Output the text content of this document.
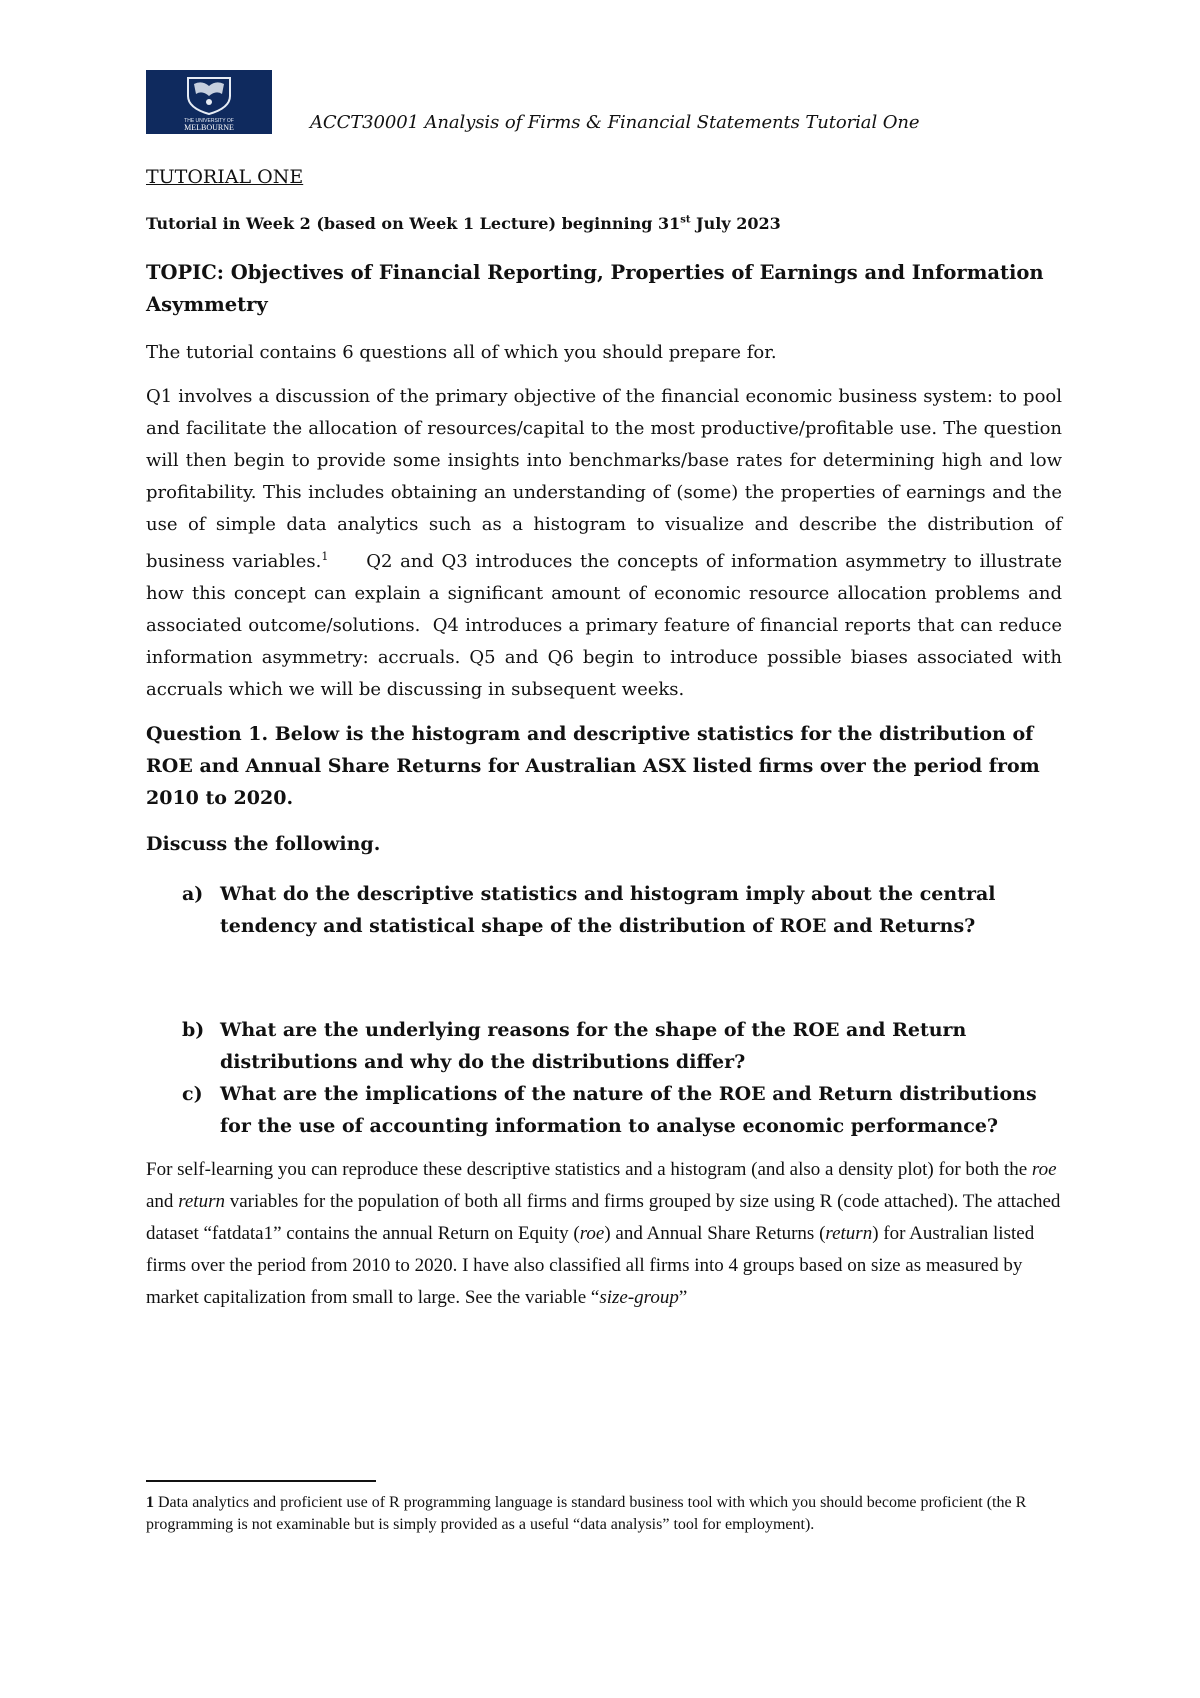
THE UNIVERSITY OF
MELBOURNE	ACCT30001 Analysis of Firms & Financial Statements Tutorial One
TUTORIAL ONE

Tutorial in Week 2 (based on Week 1 Lecture) beginning 31st July 2023

TOPIC: Objectives of Financial Reporting, Properties of Earnings and Information Asymmetry

The tutorial contains 6 questions all of which you should prepare for.

Q1 involves a discussion of the primary objective of the financial economic business system: to pool and facilitate the allocation of resources/capital to the most productive/profitable use. The question will then begin to provide some insights into benchmarks/base rates for determining high and low profitability. This includes obtaining an understanding of (some) the properties of earnings and the use of simple data analytics such as a histogram to visualize and describe the distribution of business variables.$^1$     Q2 and Q3 introduces the concepts of information asymmetry to illustrate how this concept can explain a significant amount of economic resource allocation problems and associated outcome/solutions.  Q4 introduces a primary feature of financial reports that can reduce information asymmetry: accruals. Q5 and Q6 begin to introduce possible biases associated with accruals which we will be discussing in subsequent weeks.

Question 1. Below is the histogram and descriptive statistics for the distribution of ROE and Annual Share Returns for Australian ASX listed firms over the period from 2010 to 2020.

Discuss the following.

a) What do the descriptive statistics and histogram imply about the central tendency and statistical shape of the distribution of ROE and Returns?

b) What are the underlying reasons for the shape of the ROE and Return distributions and why do the distributions differ?

c) What are the implications of the nature of the ROE and Return distributions for the use of accounting information to analyse economic performance?

For self-learning you can reproduce these descriptive statistics and a histogram (and also a density plot) for both the roe and return variables for the population of both all firms and firms grouped by size using R (code attached). The attached dataset “fatdata1” contains the annual Return on Equity (roe) and Annual Share Returns (return) for Australian listed firms over the period from 2010 to 2020. I have also classified all firms into 4 groups based on size as measured by market capitalization from small to large. See the variable “size-group”

1 Data analytics and proficient use of R programming language is standard business tool with which you should become proficient (the R programming is not examinable but is simply provided as a useful “data analysis” tool for employment).
